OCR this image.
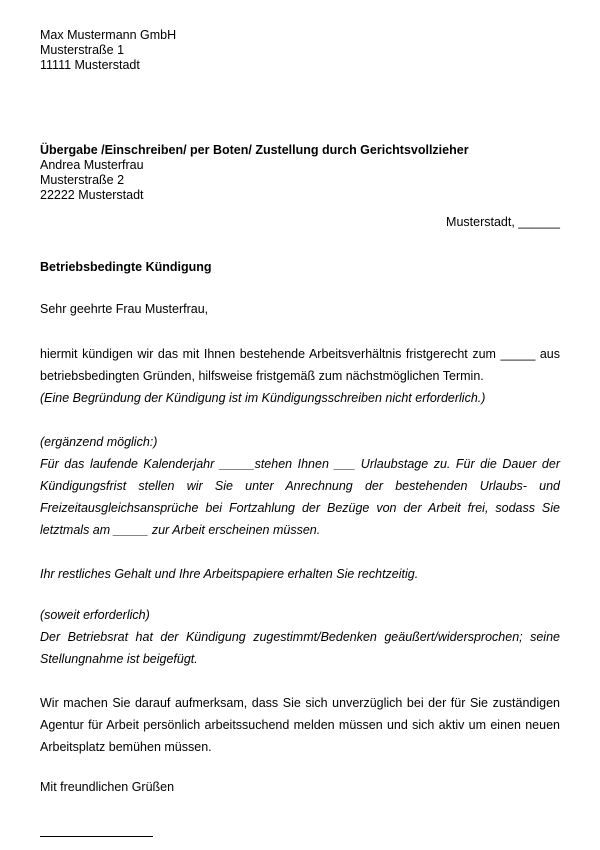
Max Mustermann GmbH
Musterstraße 1
11111 Musterstadt
Übergabe /Einschreiben/ per Boten/ Zustellung durch Gerichtsvollzieher
Andrea Musterfrau
Musterstraße 2
22222 Musterstadt
Musterstadt, ______
Betriebsbedingte Kündigung
Sehr geehrte Frau Musterfrau,
hiermit kündigen wir das mit Ihnen bestehende Arbeitsverhältnis fristgerecht zum _____ aus
betriebsbedingten Gründen, hilfsweise fristgemäß zum nächstmöglichen Termin.
(Eine Begründung der Kündigung ist im Kündigungsschreiben nicht erforderlich.)
(ergänzend möglich:)
Für das laufende Kalenderjahr _____stehen Ihnen ___ Urlaubstage zu. Für die Dauer der
Kündigungsfrist stellen wir Sie unter Anrechnung der bestehenden Urlaubs- und
Freizeitausgleichsansprüche bei Fortzahlung der Bezüge von der Arbeit frei, sodass Sie
letztmals am _____ zur Arbeit erscheinen müssen.
Ihr restliches Gehalt und Ihre Arbeitspapiere erhalten Sie rechtzeitig.
(soweit erforderlich)
Der Betriebsrat hat der Kündigung zugestimmt/Bedenken geäußert/widersprochen; seine
Stellungnahme ist beigefügt.
Wir machen Sie darauf aufmerksam, dass Sie sich unverzüglich bei der für Sie zuständigen
Agentur für Arbeit persönlich arbeitssuchend melden müssen und sich aktiv um einen neuen
Arbeitsplatz bemühen müssen.
Mit freundlichen Grüßen
